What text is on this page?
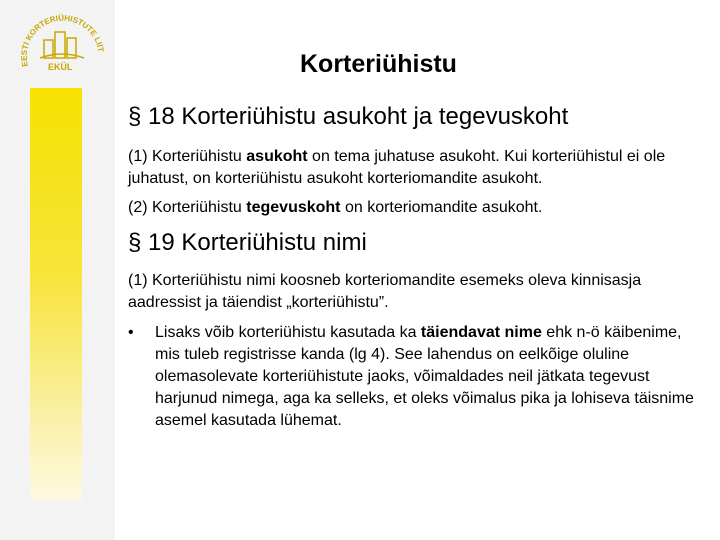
EESTI KORTERIÜHISTUTE LIIT
EKÜL	Korteriühistu
§ 18 Korteriühistu asukoht ja tegevuskoht
(1) Korteriühistu asukoht on tema juhatuse asukoht. Kui korteriühistul ei ole juhatust, on korteriühistu asukoht korteriomandite asukoht.
(2) Korteriühistu tegevuskoht on korteriomandite asukoht.
§ 19 Korteriühistu nimi
(1) Korteriühistu nimi koosneb korteriomandite esemeks oleva kinnisasja aadressist ja täiendist „korteriühistu”.
• Lisaks võib korteriühistu kasutada ka täiendavat nime ehk n-ö käibenime, mis tuleb registrisse kanda (lg 4). See lahendus on eelkõige oluline olemasolevate korteriühistute jaoks, võimaldades neil jätkata tegevust harjunud nimega, aga ka selleks, et oleks võimalus pika ja lohiseva täisnime asemel kasutada lühemat.
